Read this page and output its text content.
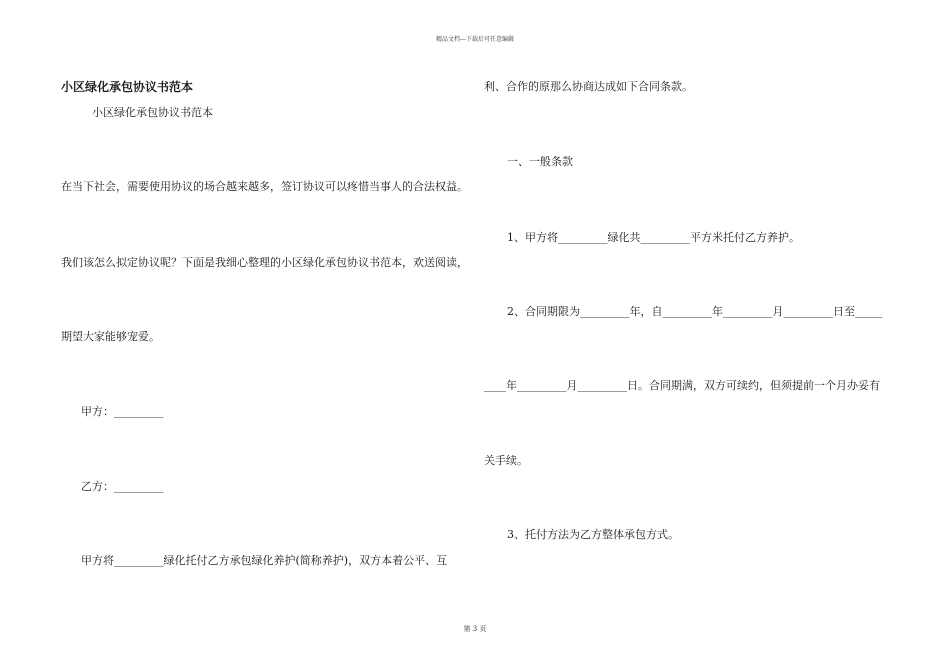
精品文档---下载后可任意编辑
小区绿化承包协议书范本
小区绿化承包协议书范本
在当下社会，需要使用协议的场合越来越多，签订协议可以疼惜当事人的合法权益。
我们该怎么拟定协议呢？下面是我细心整理的小区绿化承包协议书范本，欢送阅读，
期望大家能够宠爱。
甲方：_________
乙方：_________
甲方将_________绿化托付乙方承包绿化养护(简称养护)，双方本着公平、互
利、合作的原那么协商达成如下合同条款。
一、一般条款
1、甲方将_________绿化共_________平方米托付乙方养护。
2、合同期限为_________年，自_________年_________月_________日至_____
____年_________月_________日。合同期满，双方可续约，但须提前一个月办妥有
关手续。
3、托付方法为乙方整体承包方式。
第 3 页
